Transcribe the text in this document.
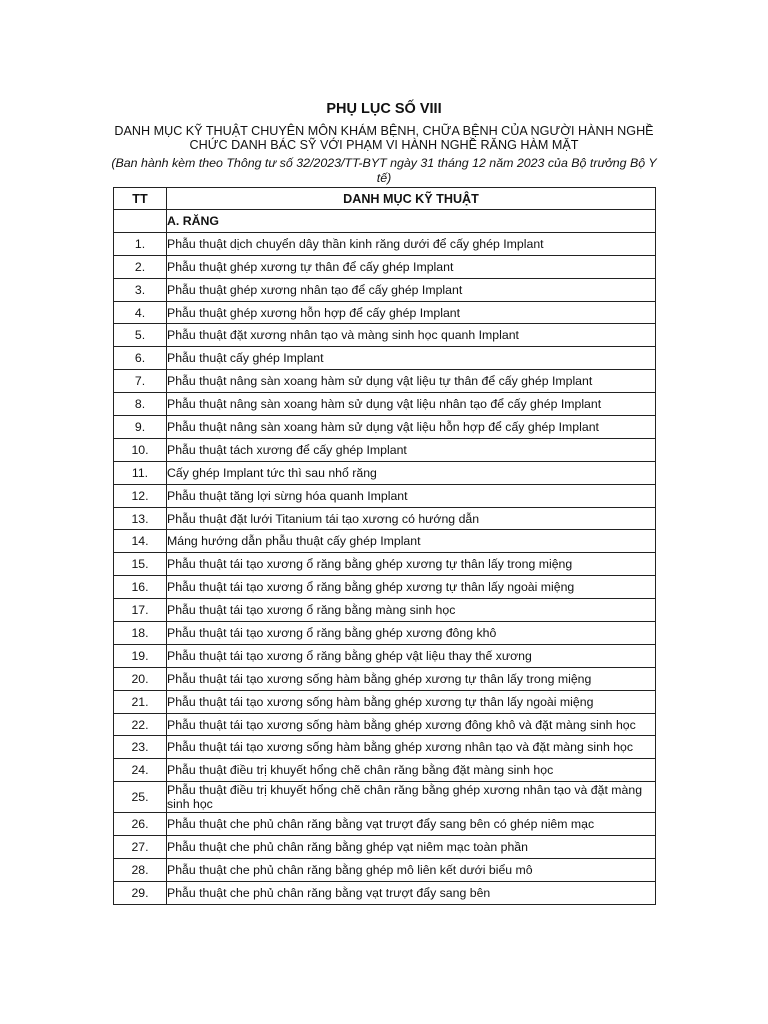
PHỤ LỤC SỐ VIII
DANH MỤC KỸ THUẬT CHUYÊN MÔN KHÁM BỆNH, CHỮA BỆNH CỦA NGƯỜI HÀNH NGHỀ
CHỨC DANH BÁC SỸ VỚI PHẠM VI HÀNH NGHỀ RĂNG HÀM MẶT
(Ban hành kèm theo Thông tư số 32/2023/TT-BYT ngày 31 tháng 12 năm 2023 của Bộ trưởng Bộ Y tế)
TT	DANH MỤC KỸ THUẬT
	A. RĂNG
1.	Phẫu thuật dịch chuyển dây thần kinh răng dưới để cấy ghép Implant
2.	Phẫu thuật ghép xương tự thân để cấy ghép Implant
3.	Phẫu thuật ghép xương nhân tạo để cấy ghép Implant
4.	Phẫu thuật ghép xương hỗn hợp để cấy ghép Implant
5.	Phẫu thuật đặt xương nhân tạo và màng sinh học quanh Implant
6.	Phẫu thuật cấy ghép Implant
7.	Phẫu thuật nâng sàn xoang hàm sử dụng vật liệu tự thân để cấy ghép Implant
8.	Phẫu thuật nâng sàn xoang hàm sử dụng vật liệu nhân tạo để cấy ghép Implant
9.	Phẫu thuật nâng sàn xoang hàm sử dụng vật liệu hỗn hợp để cấy ghép Implant
10.	Phẫu thuật tách xương để cấy ghép Implant
11.	Cấy ghép Implant tức thì sau nhổ răng
12.	Phẫu thuật tăng lợi sừng hóa quanh Implant
13.	Phẫu thuật đặt lưới Titanium tái tạo xương có hướng dẫn
14.	Máng hướng dẫn phẫu thuật cấy ghép Implant
15.	Phẫu thuật tái tạo xương ổ răng bằng ghép xương tự thân lấy trong miệng
16.	Phẫu thuật tái tạo xương ổ răng bằng ghép xương tự thân lấy ngoài miệng
17.	Phẫu thuật tái tạo xương ổ răng bằng màng sinh học
18.	Phẫu thuật tái tạo xương ổ răng bằng ghép xương đông khô
19.	Phẫu thuật tái tạo xương ổ răng bằng ghép vật liệu thay thế xương
20.	Phẫu thuật tái tạo xương sống hàm bằng ghép xương tự thân lấy trong miệng
21.	Phẫu thuật tái tạo xương sống hàm bằng ghép xương tự thân lấy ngoài miệng
22.	Phẫu thuật tái tạo xương sống hàm bằng ghép xương đông khô và đặt màng sinh học
23.	Phẫu thuật tái tạo xương sống hàm bằng ghép xương nhân tạo và đặt màng sinh học
24.	Phẫu thuật điều trị khuyết hổng chẽ chân răng bằng đặt màng sinh học
25.	Phẫu thuật điều trị khuyết hổng chẽ chân răng bằng ghép xương nhân tạo và đặt màng sinh học
26.	Phẫu thuật che phủ chân răng bằng vạt trượt đẩy sang bên có ghép niêm mạc
27.	Phẫu thuật che phủ chân răng bằng ghép vạt niêm mạc toàn phần
28.	Phẫu thuật che phủ chân răng bằng ghép mô liên kết dưới biểu mô
29.	Phẫu thuật che phủ chân răng bằng vạt trượt đẩy sang bên
